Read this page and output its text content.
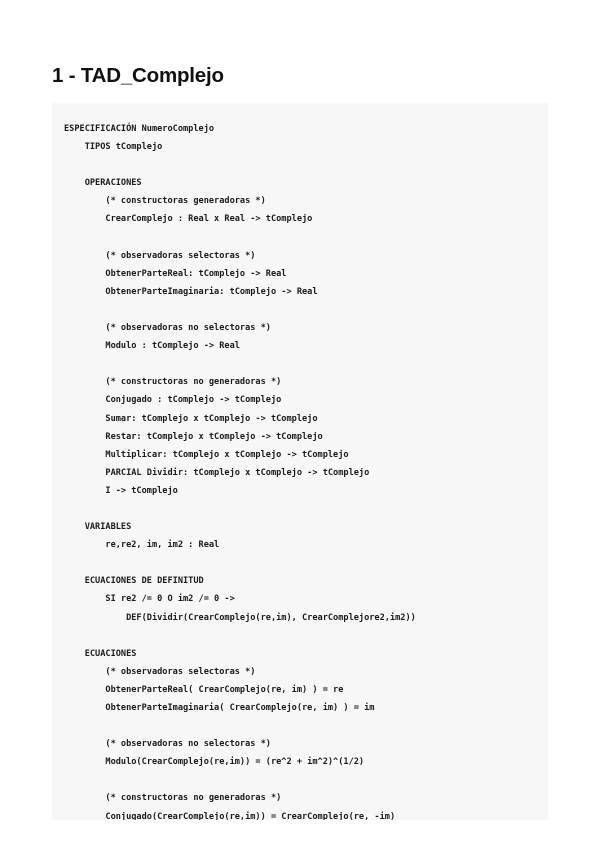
1 - TAD_Complejo
ESPECIFICACIÓN NumeroComplejo
TIPOS tComplejo
OPERACIONES
(* constructoras generadoras *)
CrearComplejo : Real x Real -> tComplejo
(* observadoras selectoras *)
ObtenerParteReal: tComplejo -> Real
ObtenerParteImaginaria: tComplejo -> Real
(* observadoras no selectoras *)
Modulo : tComplejo -> Real
(* constructoras no generadoras *)
Conjugado : tComplejo -> tComplejo
Sumar: tComplejo x tComplejo -> tComplejo
Restar: tComplejo x tComplejo -> tComplejo
Multiplicar: tComplejo x tComplejo -> tComplejo
PARCIAL Dividir: tComplejo x tComplejo -> tComplejo
I -> tComplejo
VARIABLES
re,re2, im, im2 : Real
ECUACIONES DE DEFINITUD
SI re2 /= 0 O im2 /= 0 ->
DEF(Dividir(CrearComplejo(re,im), CrearComplejore2,im2))
ECUACIONES
(* observadoras selectoras *)
ObtenerParteReal( CrearComplejo(re, im) ) = re
ObtenerParteImaginaria( CrearComplejo(re, im) ) = im
(* observadoras no selectoras *)
Modulo(CrearComplejo(re,im)) = (re^2 + im^2)^(1/2)
(* constructoras no generadoras *)
Conjugado(CrearComplejo(re,im)) = CrearComplejo(re, -im)
